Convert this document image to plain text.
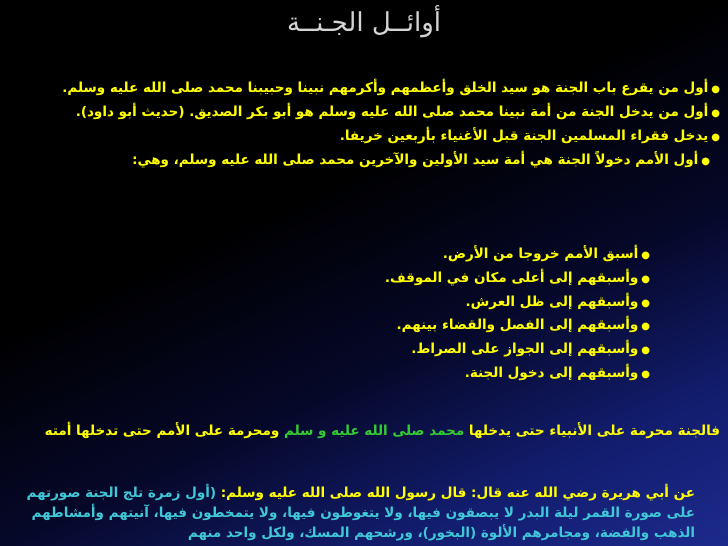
أوائــل الجـنــة

● أول من يقرع باب الجنة هو سيد الخلق وأعظمهم وأكرمهم نبينا وحبيبنا محمد صلى الله عليه وسلم.

● أول من يدخل الجنة من أمة نبينا محمد صلى الله عليه وسلم هو أبو بكر الصديق. (حديث أبو داود).

● يدخل فقراء المسلمين الجنة قبل الأغنياء بأربعين خريفا.

● أول الأمم دخولاً الجنة هي أمة سيد الأولين والآخرين محمد صلى الله عليه وسلم، وهي:

● أسبق الأمم خروجا من الأرض.
● وأسبقهم إلى أعلى مكان في الموقف.
● وأسبقهم إلى ظل العرش.
● وأسبقهم إلى الفصل والقضاء بينهم.
● وأسبقهم إلى الجواز على الصراط.
● وأسبقهم إلى دخول الجنة.
فالجنة محرمة على الأنبياء حتى يدخلها محمد صلى الله عليه و سلم ومحرمة على الأمم حتى تدخلها أمته
عن أبي هريرة رضي الله عنه قال: قال رسول الله صلى الله عليه وسلم: (أول زمرة تلج الجنة صورتهم على صورة القمر ليلة البدر لا يبصقون فيها، ولا يتغوطون فيها، ولا يتمخطون فيها، آنيتهم وأمشاطهم الذهب والفضة، ومجامرهم الألوة (البخور)، ورشحهم المسك، ولكل واحد منهم
